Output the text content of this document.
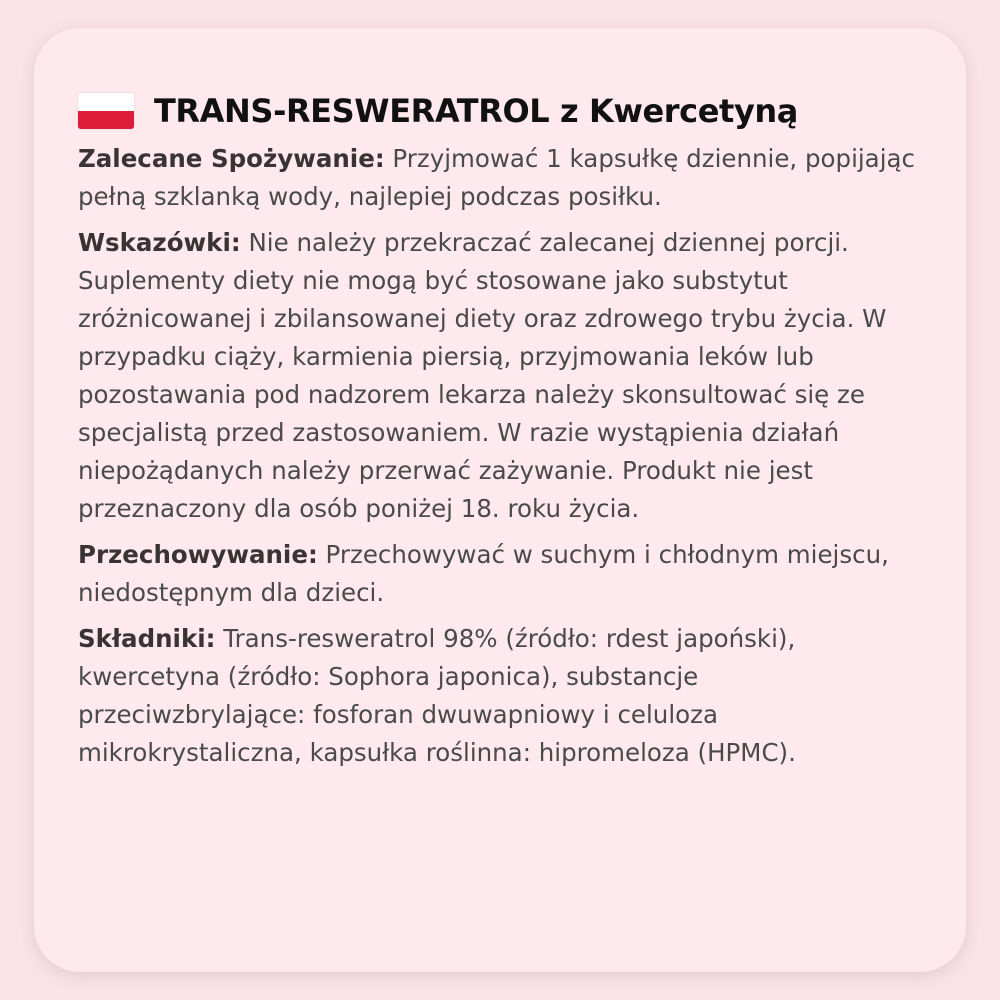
TRANS-RESWERATROL z Kwercetyną

Zalecane Spożywanie: Przyjmować 1 kapsułkę dziennie, popijając pełną szklanką wody, najlepiej podczas posiłku.

Wskazówki: Nie należy przekraczać zalecanej dziennej porcji. Suplementy diety nie mogą być stosowane jako substytut zróżnicowanej i zbilansowanej diety oraz zdrowego trybu życia. W przypadku ciąży, karmienia piersią, przyjmowania leków lub pozostawania pod nadzorem lekarza należy skonsultować się ze specjalistą przed zastosowaniem. W razie wystąpienia działań niepożądanych należy przerwać zażywanie. Produkt nie jest przeznaczony dla osób poniżej 18. roku życia.

Przechowywanie: Przechowywać w suchym i chłodnym miejscu, niedostępnym dla dzieci.

Składniki: Trans-resweratrol 98% (źródło: rdest japoński), kwercetyna (źródło: Sophora japonica), substancje przeciwzbrylające: fosforan dwuwapniowy i celuloza mikrokrystaliczna, kapsułka roślinna: hipromeloza (HPMC).
